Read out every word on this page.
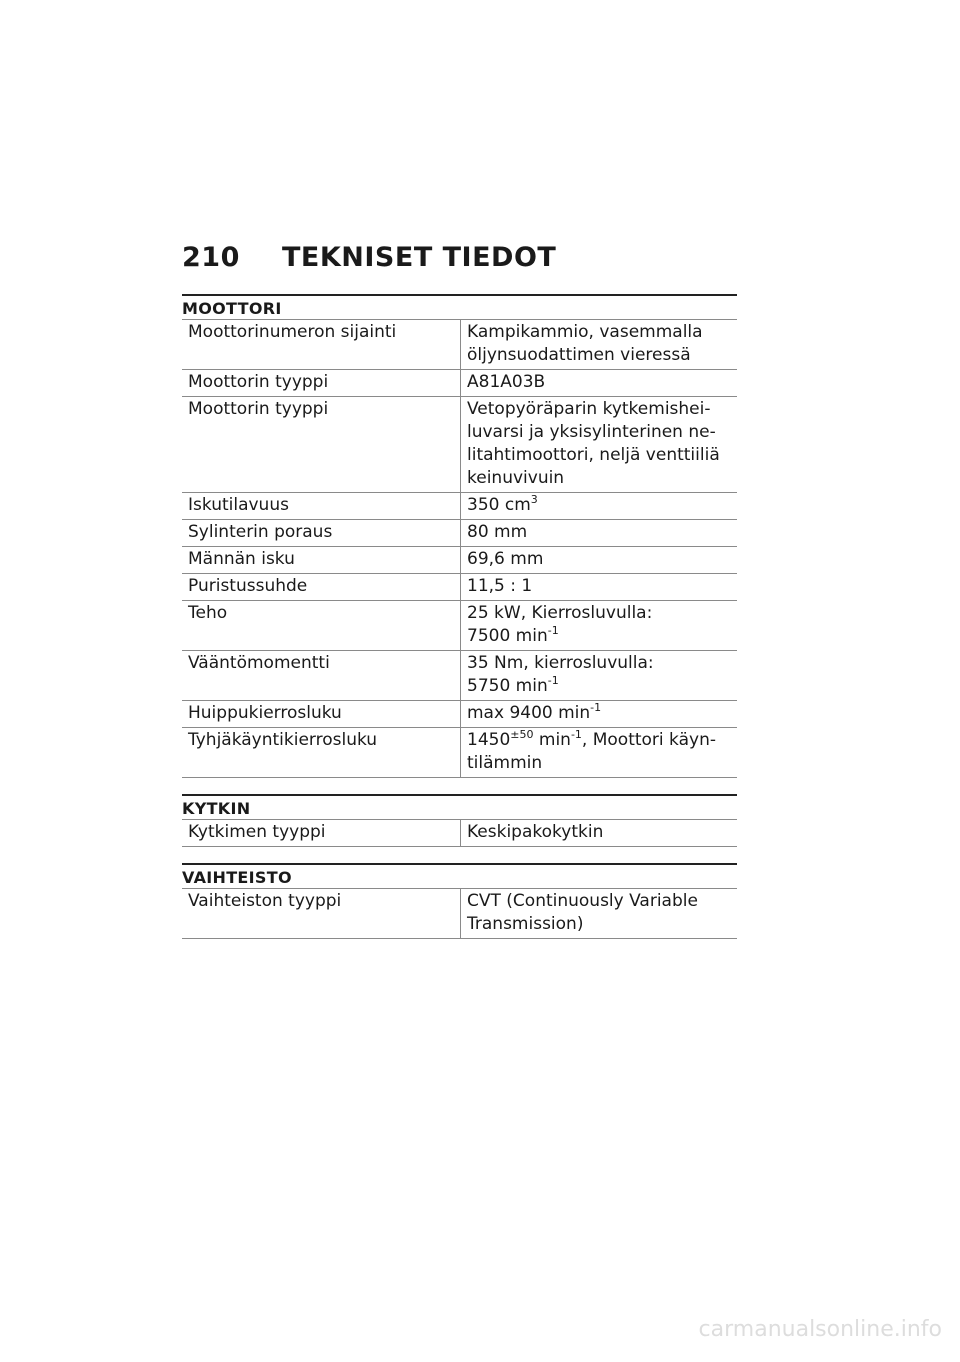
210	TEKNISET TIEDOT
MOOTTORI
Moottorinumeron sijainti	Kampikammio, vasemmalla öljynsuodattimen vieressä
Moottorin tyyppi	A81A03B
Moottorin tyyppi	Vetopyöräparin kytkemisheiluvarsi ja yksisylinterinen nelitahtimoottori, neljä venttiiliä keinuvivuin
Iskutilavuus	350 $cm^3$
Sylinterin poraus	80 mm
Männän isku	69,6 mm
Puristussuhde	11,5 : 1
Teho	25 kW, Kierrosluvulla:
7500 $\min^{-1}$
Vääntömomentti	35 Nm, kierrosluvulla:
5750 $\min^{-1}$
Huippukierrosluku	max 9400 $\min^{-1}$
Tyhjäkäyntikierrosluku	$1450^{\pm 50}$ $\min^{-1}$, Moottori käyntilämmin
KYTKIN
Kytkimen tyyppi	Keskipakokytkin
VAIHTEISTO
Vaihteiston tyyppi	CVT (Continuously Variable Transmission)
carmanualsonline.info
